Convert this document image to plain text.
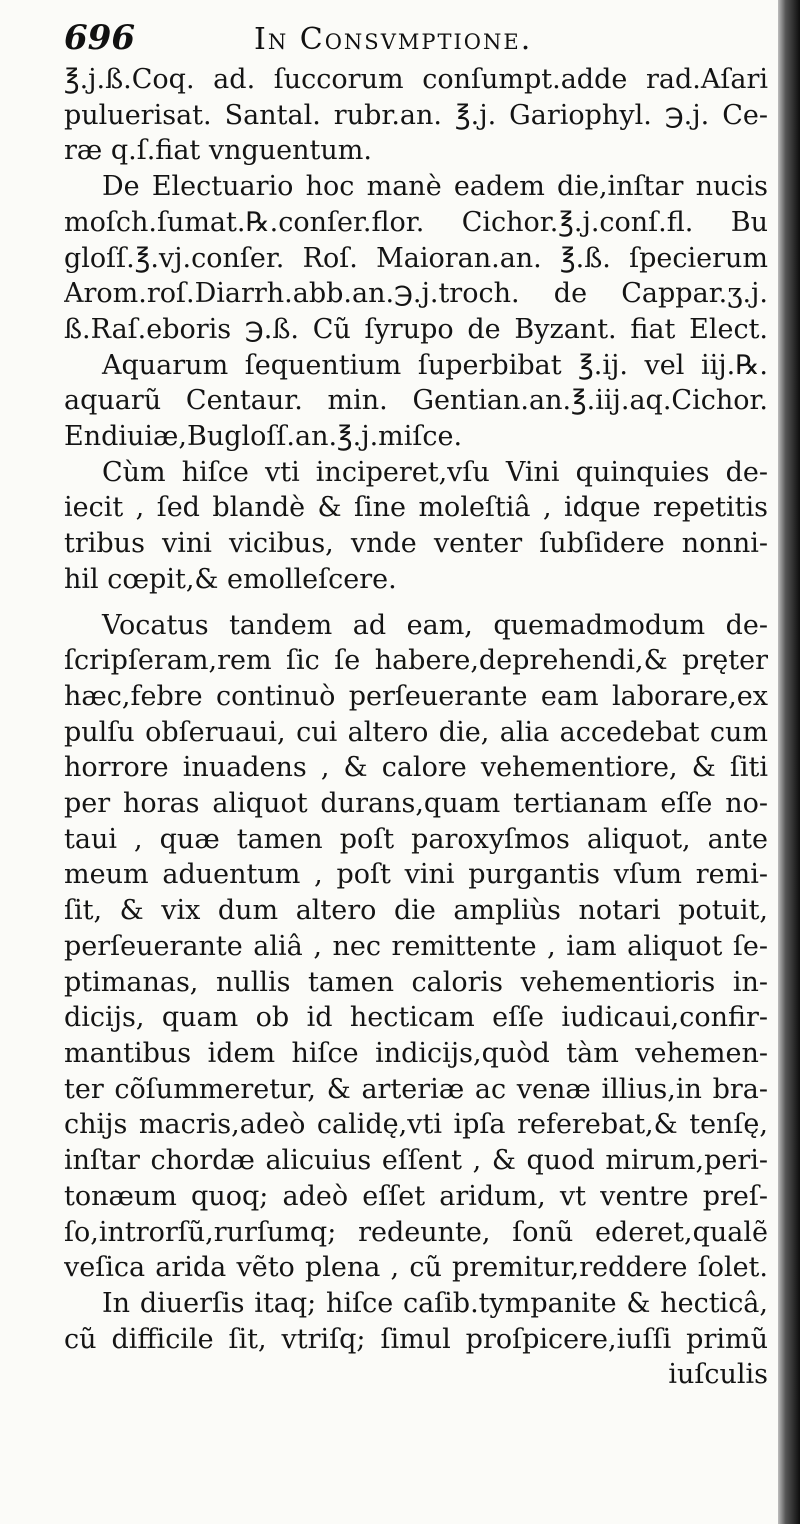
696	In Consvmptione.
℥.j.ß.Coq. ad. ſuccorum conſumpt.adde rad.Aſari
puluerisat. Santal. rubr.an. ℥.j. Gariophyl. ℈.j. Ce-
ræ q.ſ.fiat vnguentum.
De Electuario hoc manè eadem die,inſtar nucis
moſch.ſumat.℞.conſer.flor. Cichor.℥.j.conſ.fl. Bu
gloſſ.℥.vj.conſer. Roſ. Maioran.an. ℥.ß. ſpecierum
Arom.roſ.Diarrh.abb.an.℈.j.troch. de Cappar.ʒ.j.
ß.Raſ.eboris ℈.ß. Cũ ſyrupo de Byzant. fiat Elect.
Aquarum ſequentium ſuperbibat ℥.ij. vel iij.℞.
aquarũ Centaur. min. Gentian.an.℥.iij.aq.Cichor.
Endiuiæ,Bugloſſ.an.℥.j.miſce.
Cùm hiſce vti inciperet,vſu Vini quinquies de-
iecit , ſed blandè & ſine moleſtiâ , idque repetitis
tribus vini vicibus, vnde venter ſubſidere nonni-
hil cœpit,& emolleſcere.
Vocatus tandem ad eam, quemadmodum de-
ſcripſeram,rem ſic ſe habere,deprehendi,& pręter
hæc,febre continuò perſeuerante eam laborare,ex
pulſu obſeruaui, cui altero die, alia accedebat cum
horrore inuadens , & calore vehementiore, & ſiti
per horas aliquot durans,quam tertianam eſſe no-
taui , quæ tamen poſt paroxyſmos aliquot, ante
meum aduentum , poſt vini purgantis vſum remi-
ſit, & vix dum altero die ampliùs notari potuit,
perſeuerante aliâ , nec remittente , iam aliquot ſe-
ptimanas, nullis tamen caloris vehementioris in-
dicijs, quam ob id hecticam eſſe iudicaui,confir-
mantibus idem hiſce indicijs,quòd tàm vehemen-
ter cõſummeretur, & arteriæ ac venæ illius,in bra-
chijs macris,adeò calidę,vti ipſa referebat,& tenſę,
inſtar chordæ alicuius eſſent , & quod mirum,peri-
tonæum quoq; adeò eſſet aridum, vt ventre preſ-
ſo,introrſũ,rurſumq; redeunte, ſonũ ederet,qualẽ
veſica arida vẽto plena , cũ premitur,reddere ſolet.
In diuerſis itaq; hiſce caſib.tympanite & hecticâ,
cũ difficile ſit, vtriſq; ſimul proſpicere,iuſſi primũ
iuſculis
